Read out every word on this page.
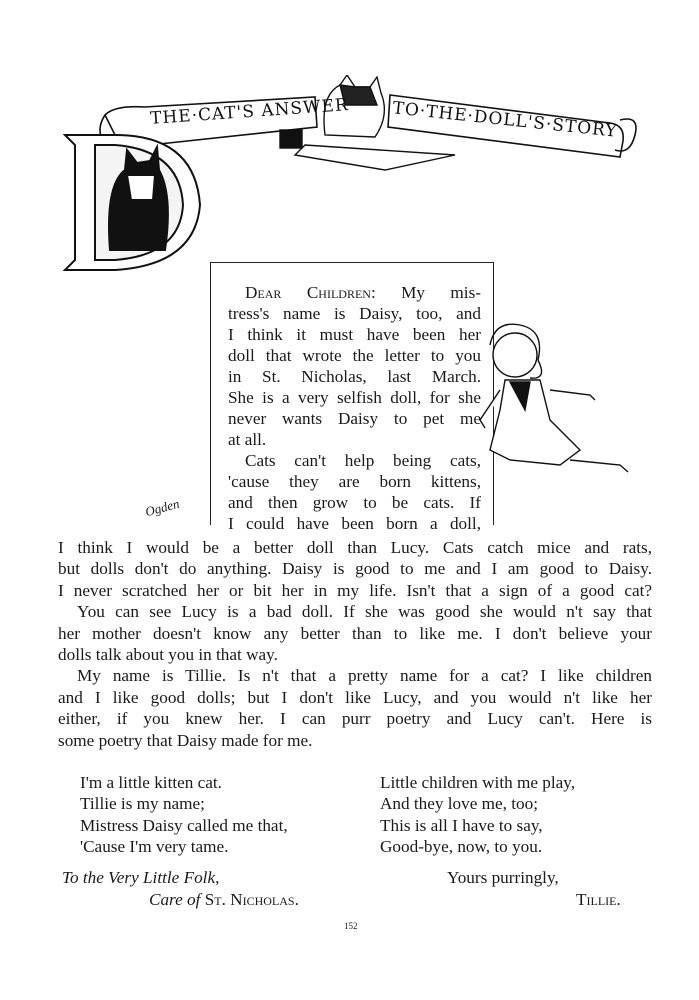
THE·CAT'S ANSWER TO·THE·DOLL'S·STORY
Ogden
Dear Children: My mis-
tress's name is Daisy, too, and
I think it must have been her
doll that wrote the letter to you
in St. Nicholas, last March.
She is a very selfish doll, for she
never wants Daisy to pet me
at all.
Cats can't help being cats,
'cause they are born kittens,
and then grow to be cats. If
I could have been born a doll,
I think I would be a better doll than Lucy. Cats catch mice and rats,
but dolls don't do anything. Daisy is good to me and I am good to Daisy.
I never scratched her or bit her in my life. Isn't that a sign of a good cat?
You can see Lucy is a bad doll. If she was good she would n't say that
her mother doesn't know any better than to like me. I don't believe your
dolls talk about you in that way.
My name is Tillie. Is n't that a pretty name for a cat? I like children
and I like good dolls; but I don't like Lucy, and you would n't like her
either, if you knew her. I can purr poetry and Lucy can't. Here is
some poetry that Daisy made for me.
I'm a little kitten cat.
Tillie is my name;
Mistress Daisy called me that,
'Cause I'm very tame.
Little children with me play,
And they love me, too;
This is all I have to say,
Good-bye, now, to you.
To the Very Little Folk,
Care of St. Nicholas.
Yours purringly,
Tillie.
152
